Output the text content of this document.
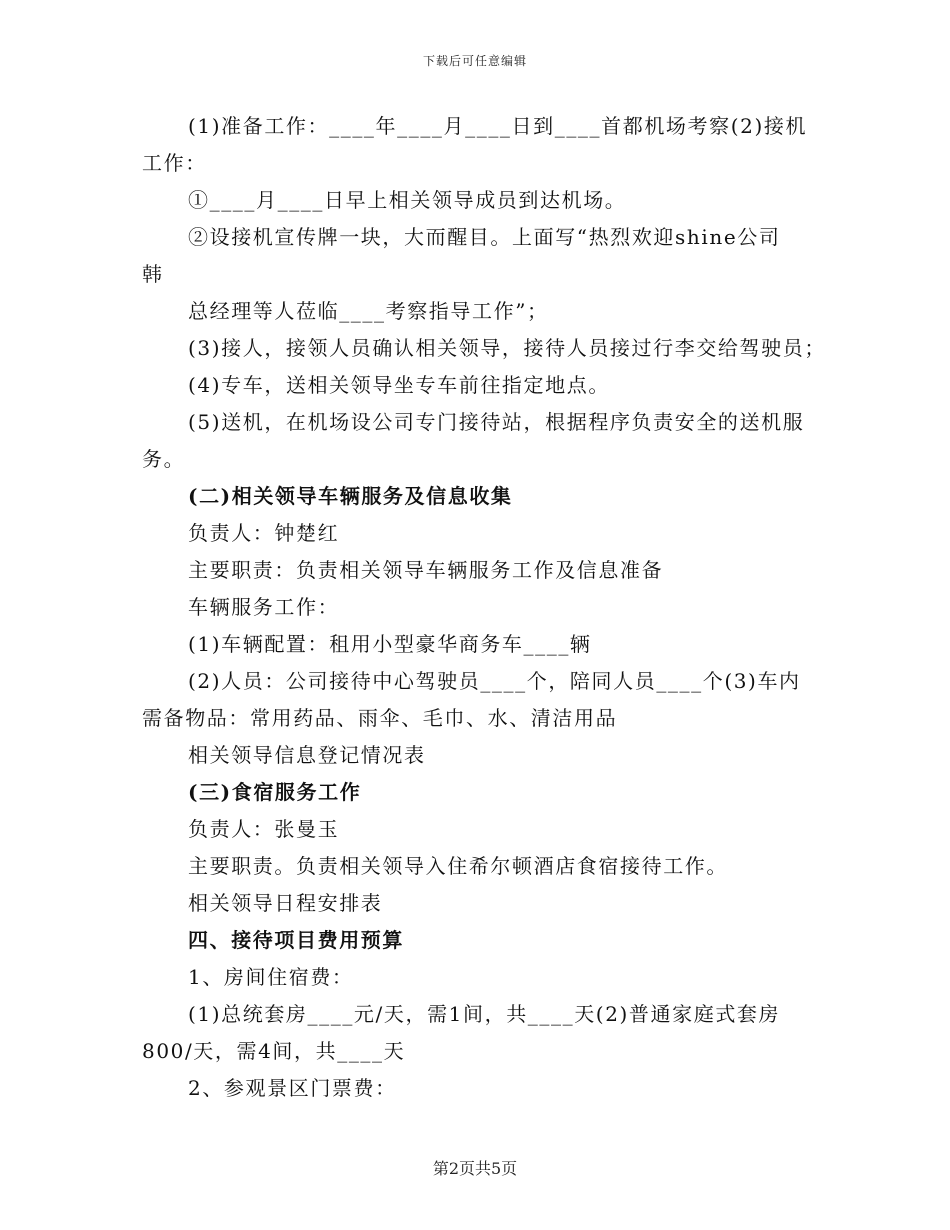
下载后可任意编辑
(1)准备工作：____年____月____日到____首都机场考察(2)接机
工作：
①____月____日早上相关领导成员到达机场。
②设接机宣传牌一块，大而醒目。上面写“热烈欢迎shine公司
韩
总经理等人莅临____考察指导工作”；
(3)接人，接领人员确认相关领导，接待人员接过行李交给驾驶员；
(4)专车，送相关领导坐专车前往指定地点。
(5)送机，在机场设公司专门接待站，根据程序负责安全的送机服
务。
(二)相关领导车辆服务及信息收集
负责人：钟楚红
主要职责：负责相关领导车辆服务工作及信息准备
车辆服务工作：
(1)车辆配置：租用小型豪华商务车____辆
(2)人员：公司接待中心驾驶员____个，陪同人员____个(3)车内
需备物品：常用药品、雨伞、毛巾、水、清洁用品
相关领导信息登记情况表
(三)食宿服务工作
负责人：张曼玉
主要职责。负责相关领导入住希尔顿酒店食宿接待工作。
相关领导日程安排表
四、接待项目费用预算
1、房间住宿费：
(1)总统套房____元/天，需1间，共____天(2)普通家庭式套房
800/天，需4间，共____天
2、参观景区门票费：
第2页共5页
